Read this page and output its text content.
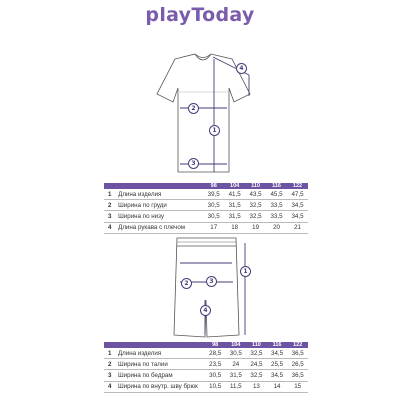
playToday
4
2
1
3
1
2	3
4
		98	104	110	116	122
1	Длина изделия	39,5	41,5	43,5	45,5	47,5
2	Ширина по груди	30,5	31,5	32,5	33,5	34,5
3	Ширина по низу	30,5	31,5	32,5	33,5	34,5
4	Длина рукава с плечом	17	18	19	20	21
		98	104	110	116	122
1	Длина изделия	28,5	30,5	32,5	34,5	36,5
2	Ширина по талии	23,5	24	24,5	25,5	26,5
3	Ширина по бедрам	30,5	31,5	32,5	34,5	36,5
4	Ширина по внутр. шву брюк	10,5	11,5	13	14	15
